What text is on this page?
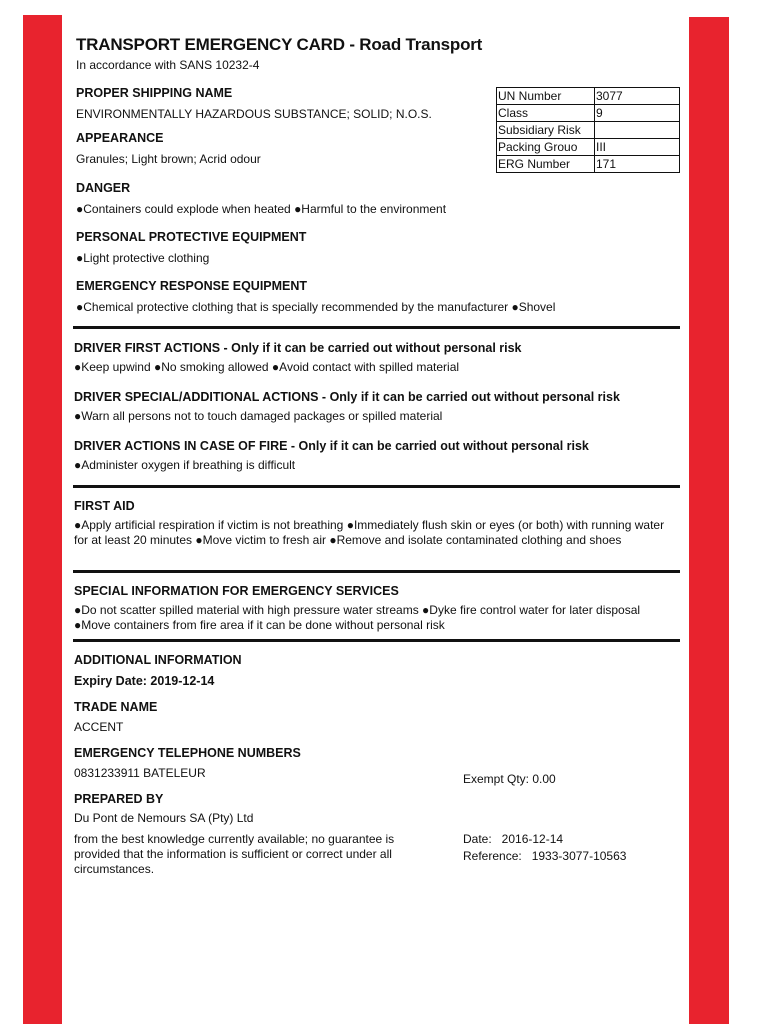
TRANSPORT EMERGENCY CARD - Road Transport
In accordance with SANS 10232-4
PROPER SHIPPING NAME
ENVIRONMENTALLY HAZARDOUS SUBSTANCE; SOLID; N.O.S.
UN Number	3077
Class	9
Subsidiary Risk	
Packing Grouo	III
ERG Number	171
APPEARANCE
Granules; Light brown; Acrid odour
DANGER
●Containers could explode when heated ●Harmful to the environment
PERSONAL PROTECTIVE EQUIPMENT
●Light protective clothing
EMERGENCY RESPONSE EQUIPMENT
●Chemical protective clothing that is specially recommended by the manufacturer ●Shovel
DRIVER FIRST ACTIONS - Only if it can be carried out without personal risk
●Keep upwind ●No smoking allowed ●Avoid contact with spilled material
DRIVER SPECIAL/ADDITIONAL ACTIONS - Only if it can be carried out without personal risk
●Warn all persons not to touch damaged packages or spilled material
DRIVER ACTIONS IN CASE OF FIRE - Only if it can be carried out without personal risk
●Administer oxygen if breathing is difficult
FIRST AID
●Apply artificial respiration if victim is not breathing ●Immediately flush skin or eyes (or both) with running water for at least 20 minutes ●Move victim to fresh air ●Remove and isolate contaminated clothing and shoes
SPECIAL INFORMATION FOR EMERGENCY SERVICES
●Do not scatter spilled material with high pressure water streams ●Dyke fire control water for later disposal ●Move containers from fire area if it can be done without personal risk
ADDITIONAL INFORMATION
Expiry Date: 2019-12-14
TRADE NAME
ACCENT
EMERGENCY TELEPHONE NUMBERS
0831233911 BATELEUR	Exempt Qty: 0.00
PREPARED BY
Du Pont de Nemours SA (Pty) Ltd
from the best knowledge currently available; no guarantee is provided that the information is sufficient or correct under all circumstances.
Date:   2016-12-14
Reference:   1933-3077-10563
